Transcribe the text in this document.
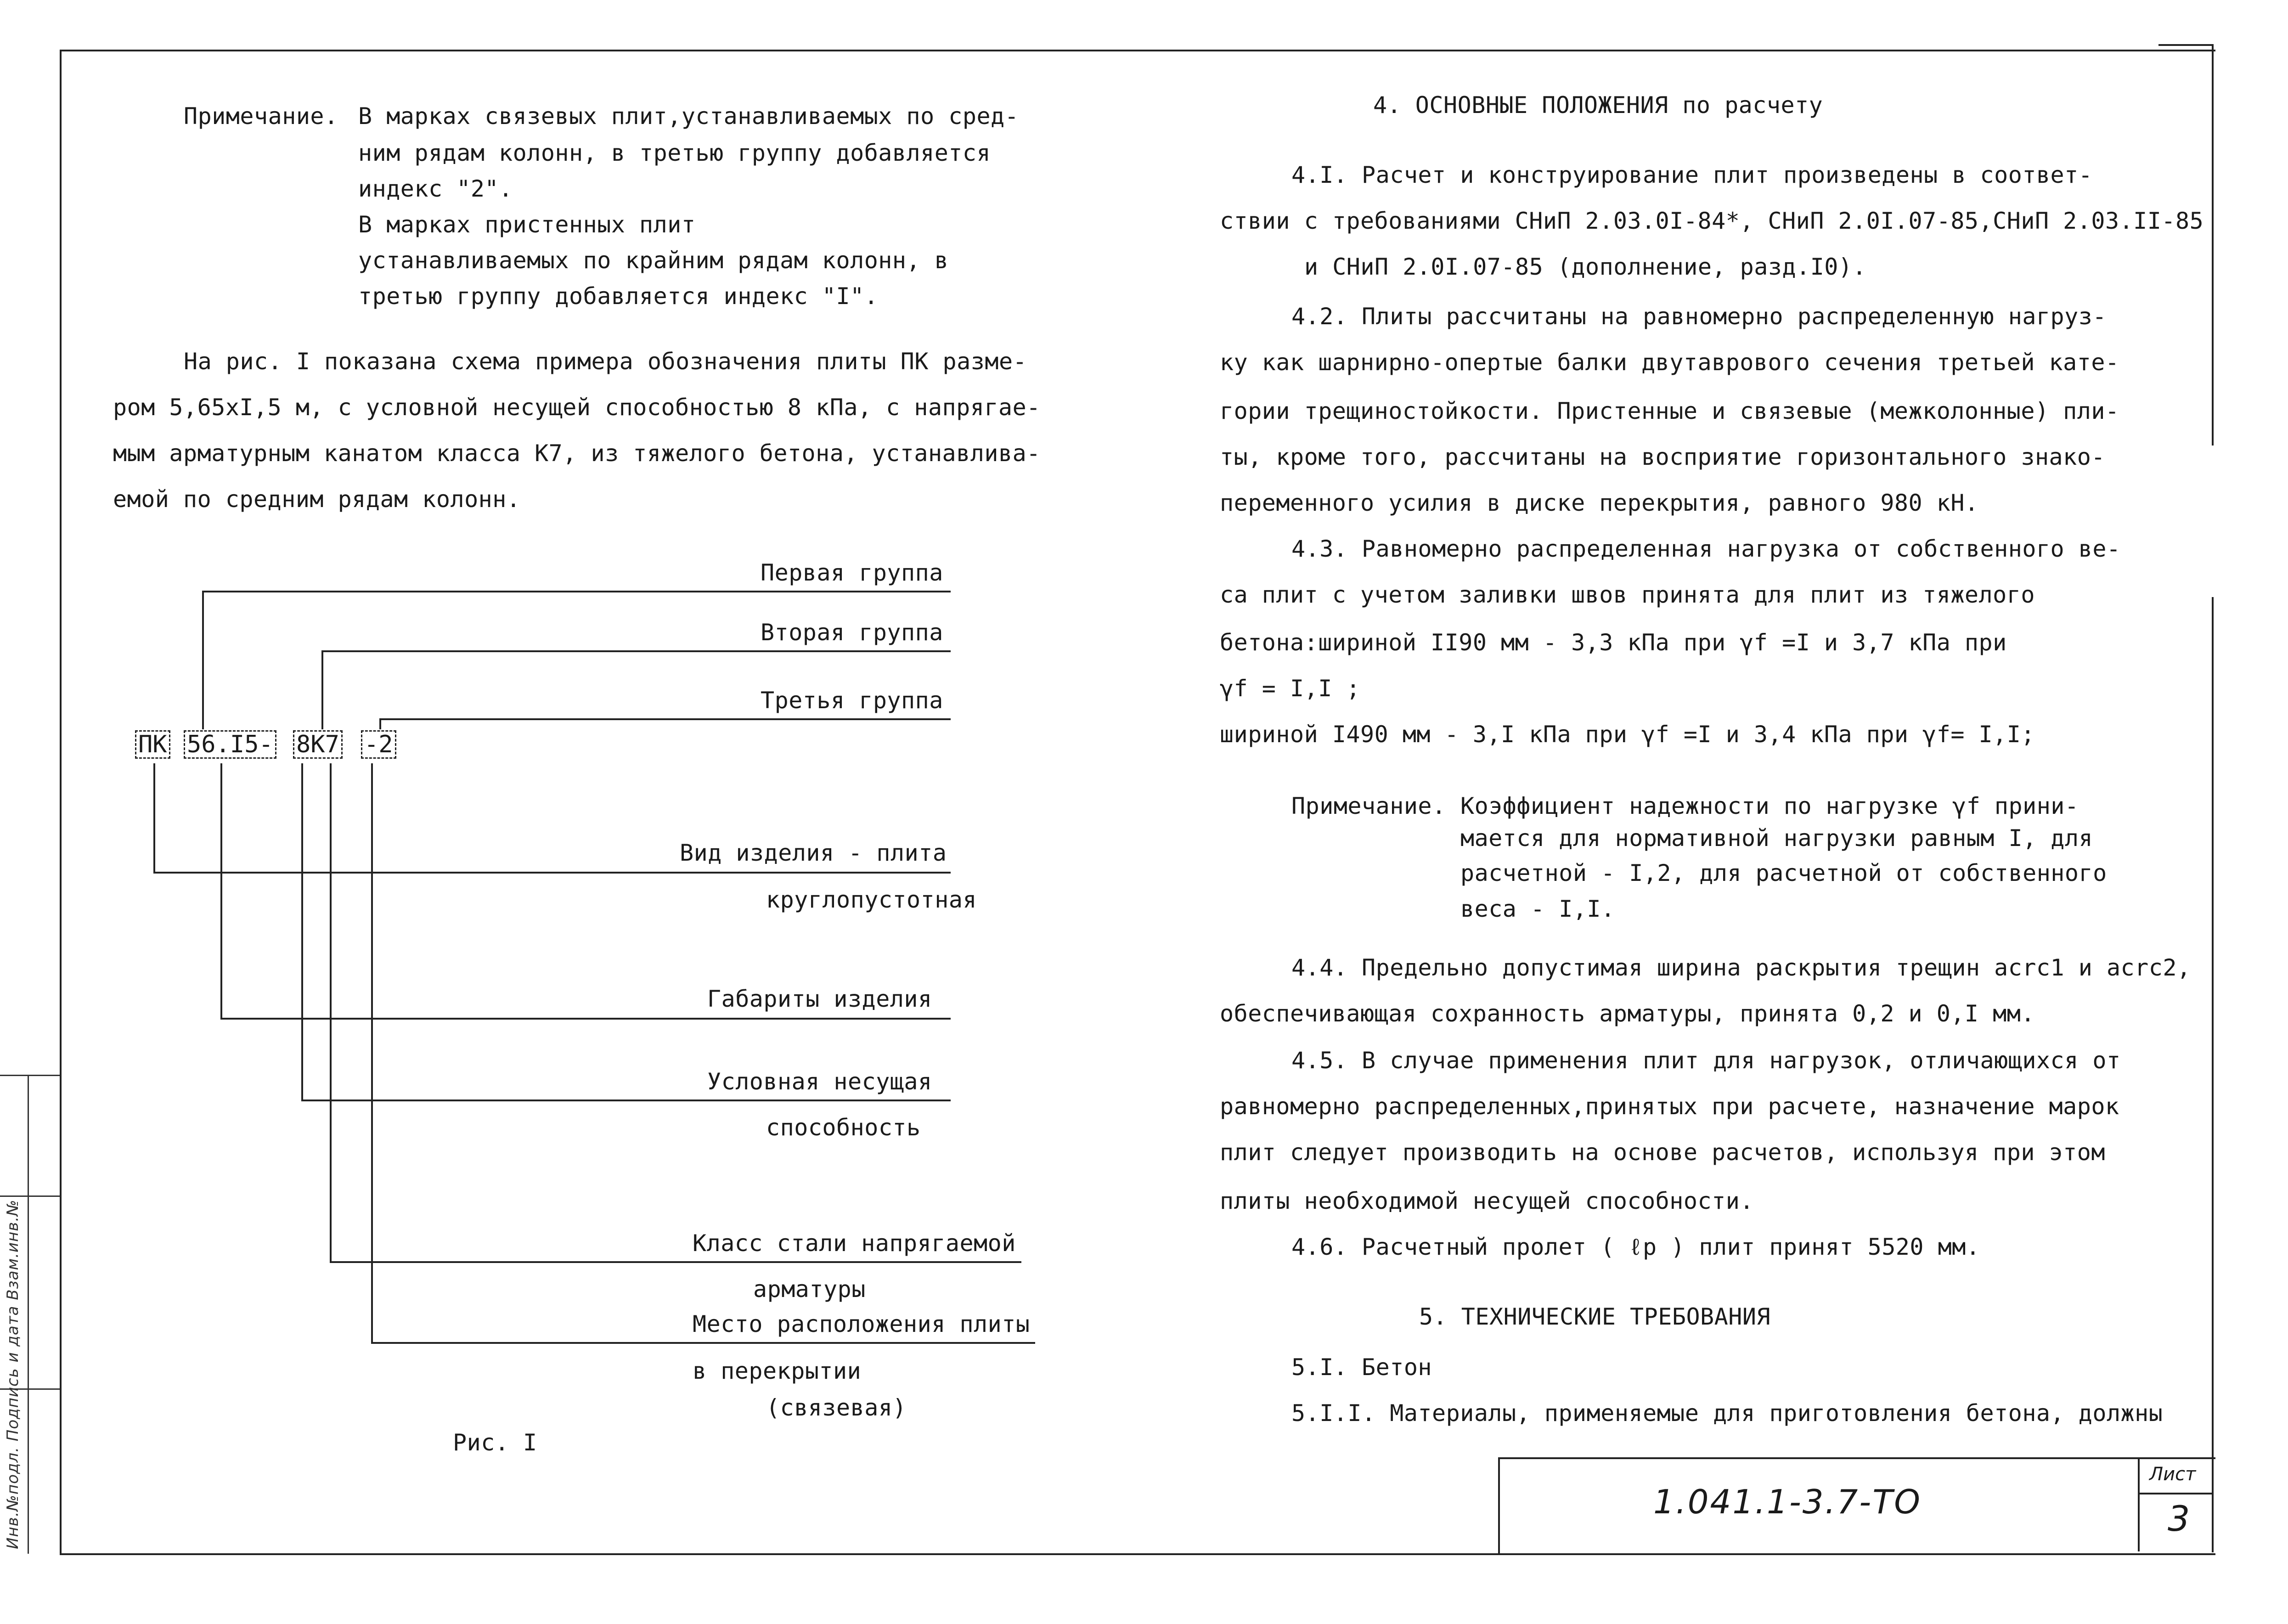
Инв.№подл. Подпись и дата Взам.инв.№
Примечание. В марках связевых плит,устанавливаемых по сред-
ним рядам колонн, в третью группу добавляется
индекс "2".
В марках пристенных плит
устанавливаемых по крайним рядам колонн, в
третью группу добавляется индекс "I".
На рис. I показана схема примера обозначения плиты ПК разме-
ром 5,65хI,5 м, с условной несущей способностью 8 кПа, с напрягае-
мым арматурным канатом класса К7, из тяжелого бетона, устанавлива-
емой по средним рядам колонн.
Первая группа
Вторая группа
Третья группа
ПК 56.I5- 8К7 -2
Вид изделия - плита
круглопустотная
Габариты изделия
Условная несущая
способность
Класс стали напрягаемой
арматуры
Место расположения плиты
в перекрытии
(связевая)
Рис. I
4. ОСНОВНЫЕ ПОЛОЖЕНИЯ по расчету
4.I. Расчет и конструирование плит произведены в соответ-
ствии с требованиями СНиП 2.03.0I-84*, СНиП 2.0I.07-85,СНиП 2.03.II-85
и СНиП 2.0I.07-85 (дополнение, разд.I0).
4.2. Плиты рассчитаны на равномерно распределенную нагруз-
ку как шарнирно-опертые балки двутаврового сечения третьей кате-
гории трещиностойкости. Пристенные и связевые (межколонные) пли-
ты, кроме того, рассчитаны на восприятие горизонтального знако-
переменного усилия в диске перекрытия, равного 980 кН.
4.3. Равномерно распределенная нагрузка от собственного ве-
са плит с учетом заливки швов принята для плит из тяжелого
бетона:шириной II90 мм - 3,3 кПа при γf =I и 3,7 кПа при
γf = I,I ;
шириной I490 мм - 3,I кПа при γf =I и 3,4 кПа при γf= I,I;
Примечание. Коэффициент надежности по нагрузке γf прини-
мается для нормативной нагрузки равным I, для
расчетной - I,2, для расчетной от собственного
веса - I,I.
4.4. Предельно допустимая ширина раскрытия трещин acrc1 и acrc2,
обеспечивающая сохранность арматуры, принята 0,2 и 0,I мм.
4.5. В случае применения плит для нагрузок, отличающихся от
равномерно распределенных,принятых при расчете, назначение марок
плит следует производить на основе расчетов, используя при этом
плиты необходимой несущей способности.
4.6. Расчетный пролет ( ℓp ) плит принят 5520 мм.
5. ТЕХНИЧЕСКИЕ ТРЕБОВАНИЯ
5.I. Бетон
5.I.I. Материалы, применяемые для приготовления бетона, должны
1.041.1-3.7-ТО
Лист
3
